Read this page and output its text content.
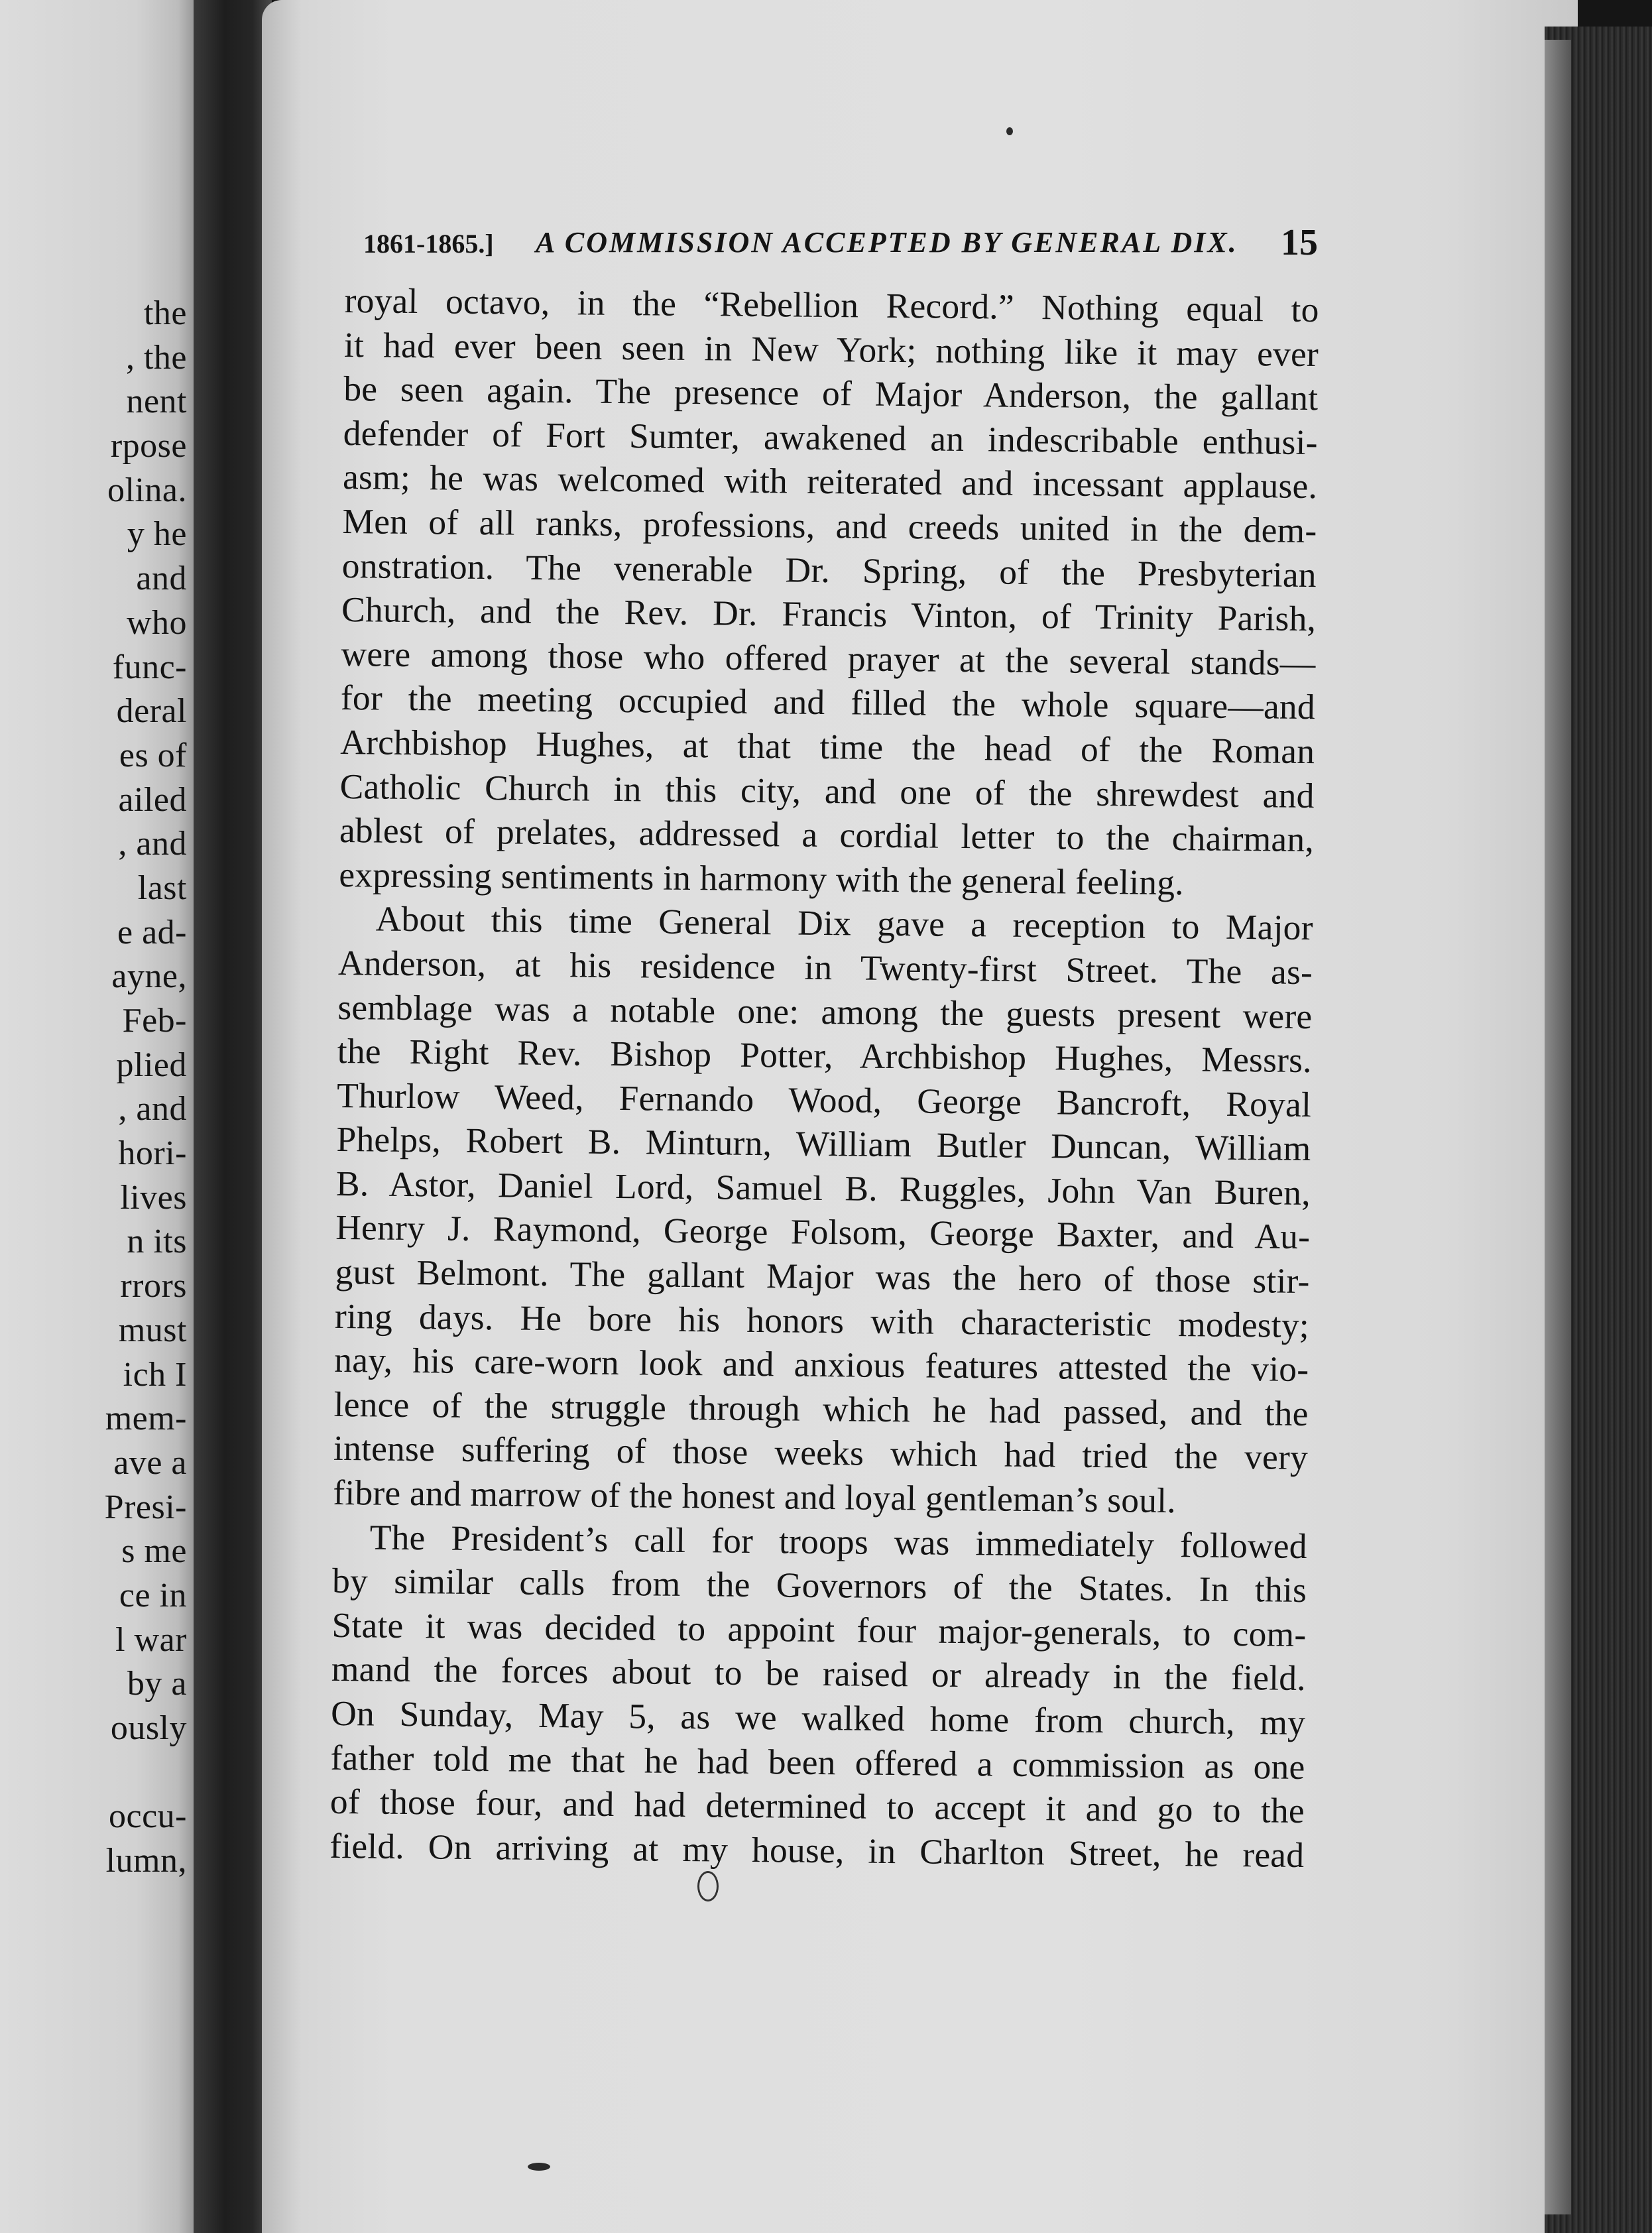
the
, the
nent
rpose
olina.
y he
and
who
func-
deral
es of
ailed
, and
last
e ad-
ayne,
Feb-
plied
, and
hori-
lives
n its
rrors
must
ich I
mem-
ave a
Presi-
s me
ce in
l war
by a
ously
occu-
lumn,
1861-1865.] A COMMISSION ACCEPTED BY GENERAL DIX. 15
royal octavo, in the “Rebellion Record.” Nothing equal to
it had ever been seen in New York; nothing like it may ever
be seen again. The presence of Major Anderson, the gallant
defender of Fort Sumter, awakened an indescribable enthusi-
asm; he was welcomed with reiterated and incessant applause.
Men of all ranks, professions, and creeds united in the dem-
onstration. The venerable Dr. Spring, of the Presbyterian
Church, and the Rev. Dr. Francis Vinton, of Trinity Parish,
were among those who offered prayer at the several stands—
for the meeting occupied and filled the whole square—and
Archbishop Hughes, at that time the head of the Roman
Catholic Church in this city, and one of the shrewdest and
ablest of prelates, addressed a cordial letter to the chairman,
expressing sentiments in harmony with the general feeling.
About this time General Dix gave a reception to Major
Anderson, at his residence in Twenty-first Street. The as-
semblage was a notable one: among the guests present were
the Right Rev. Bishop Potter, Archbishop Hughes, Messrs.
Thurlow Weed, Fernando Wood, George Bancroft, Royal
Phelps, Robert B. Minturn, William Butler Duncan, William
B. Astor, Daniel Lord, Samuel B. Ruggles, John Van Buren,
Henry J. Raymond, George Folsom, George Baxter, and Au-
gust Belmont. The gallant Major was the hero of those stir-
ring days. He bore his honors with characteristic modesty;
nay, his care-worn look and anxious features attested the vio-
lence of the struggle through which he had passed, and the
intense suffering of those weeks which had tried the very
fibre and marrow of the honest and loyal gentleman’s soul.
The President’s call for troops was immediately followed
by similar calls from the Governors of the States. In this
State it was decided to appoint four major-generals, to com-
mand the forces about to be raised or already in the field.
On Sunday, May 5, as we walked home from church, my
father told me that he had been offered a commission as one
of those four, and had determined to accept it and go to the
field. On arriving at my house, in Charlton Street, he read
